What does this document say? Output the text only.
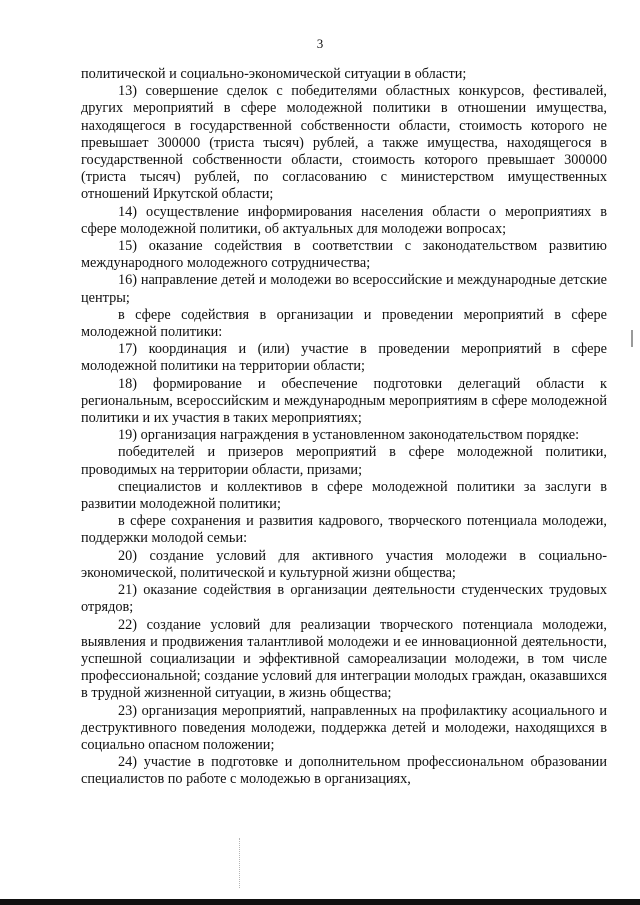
3

политической и социально-экономической ситуации в области;

13) совершение сделок с победителями областных конкурсов, фестивалей, других мероприятий в сфере молодежной политики в отношении имущества, находящегося в государственной собственности области, стоимость которого не превышает 300000 (триста тысяч) рублей, а также имущества, находящегося в государственной собственности области, стоимость которого превышает 300000 (триста тысяч) рублей, по согласованию с министерством имущественных отношений Иркутской области;

14) осуществление информирования населения области о мероприятиях в сфере молодежной политики, об актуальных для молодежи вопросах;

15) оказание содействия в соответствии с законодательством развитию международного молодежного сотрудничества;

16) направление детей и молодежи во всероссийские и международные детские центры;

в сфере содействия в организации и проведении мероприятий в сфере молодежной политики:

17) координация и (или) участие в проведении мероприятий в сфере молодежной политики на территории области;

18) формирование и обеспечение подготовки делегаций области к региональным, всероссийским и международным мероприятиям в сфере молодежной политики и их участия в таких мероприятиях;

19) организация награждения в установленном законодательством порядке:

победителей и призеров мероприятий в сфере молодежной политики, проводимых на территории области, призами;

специалистов и коллективов в сфере молодежной политики за заслуги в развитии молодежной политики;

в сфере сохранения и развития кадрового, творческого потенциала молодежи, поддержки молодой семьи:

20) создание условий для активного участия молодежи в социально-экономической, политической и культурной жизни общества;

21) оказание содействия в организации деятельности студенческих трудовых отрядов;

22) создание условий для реализации творческого потенциала молодежи, выявления и продвижения талантливой молодежи и ее инновационной деятельности, успешной социализации и эффективной самореализации молодежи, в том числе профессиональной; создание условий для интеграции молодых граждан, оказавшихся в трудной жизненной ситуации, в жизнь общества;

23) организация мероприятий, направленных на профилактику асоциального и деструктивного поведения молодежи, поддержка детей и молодежи, находящихся в социально опасном положении;

24) участие в подготовке и дополнительном профессиональном образовании специалистов по работе с молодежью в организациях,
